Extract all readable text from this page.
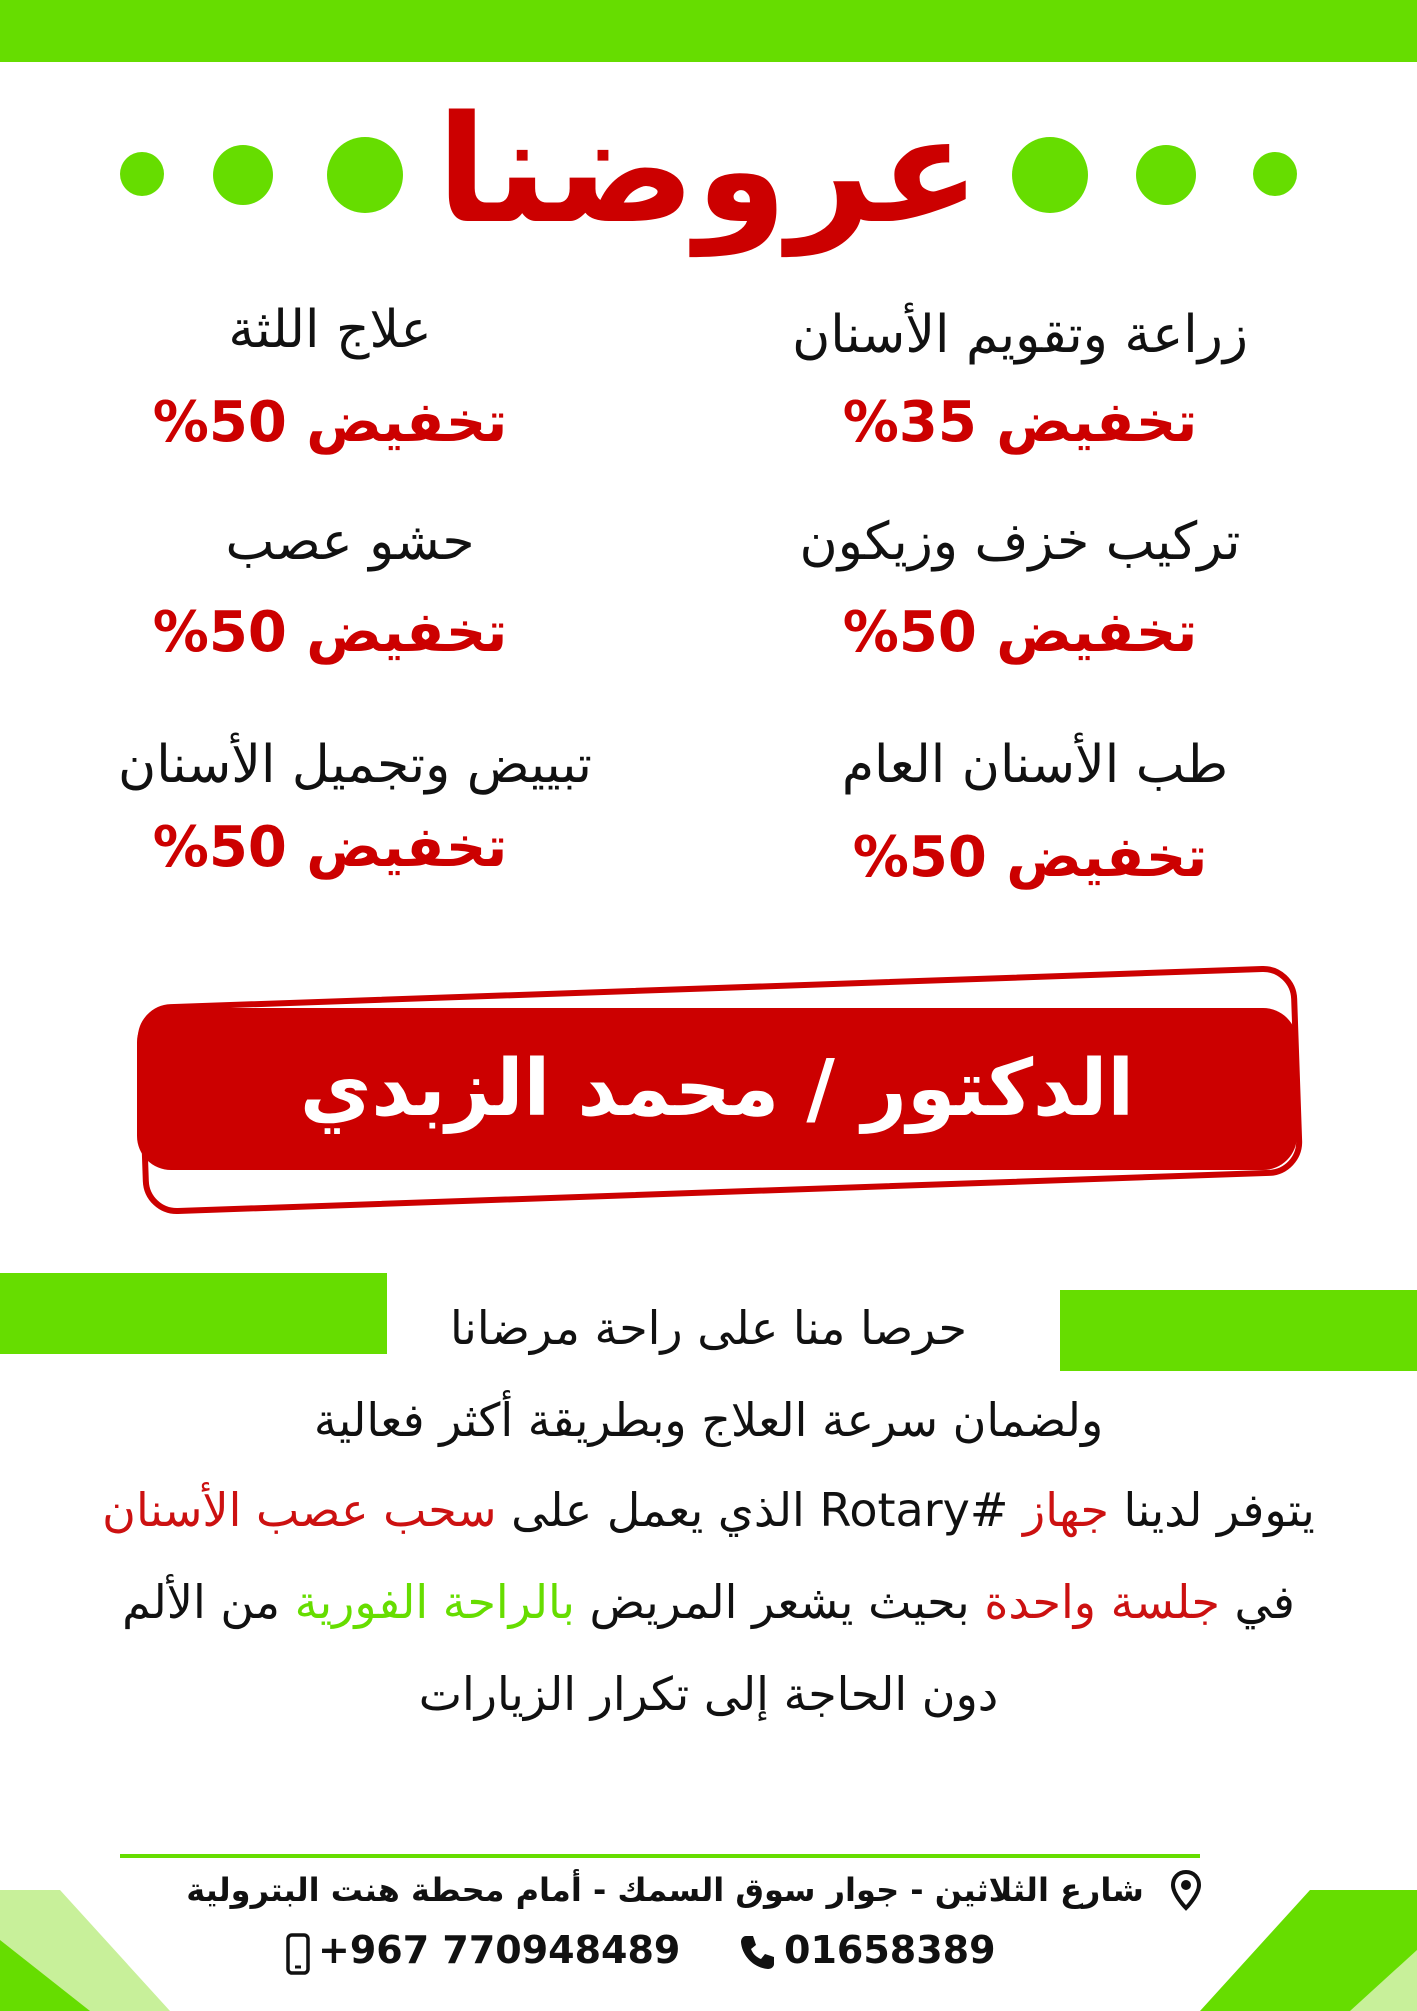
عروضنا
زراعة وتقويم الأسنان
تخفيض 35%
تركيب خزف وزيكون
تخفيض 50%
طب الأسنان العام
تخفيض 50%
علاج اللثة
تخفيض 50%
حشو عصب
تخفيض 50%
تبييض وتجميل الأسنان
تخفيض 50%
الدكتور / محمد الزبدي
حرصا منا على راحة مرضانا
ولضمان سرعة العلاج وبطريقة أكثر فعالية
يتوفر لدينا جهاز #Rotary الذي يعمل على سحب عصب الأسنان
في جلسة واحدة بحيث يشعر المريض بالراحة الفورية من الألم
دون الحاجة إلى تكرار الزيارات
شارع الثلاثين - جوار سوق السمك - أمام محطة هنت البترولية
+967 770948489	01658389
